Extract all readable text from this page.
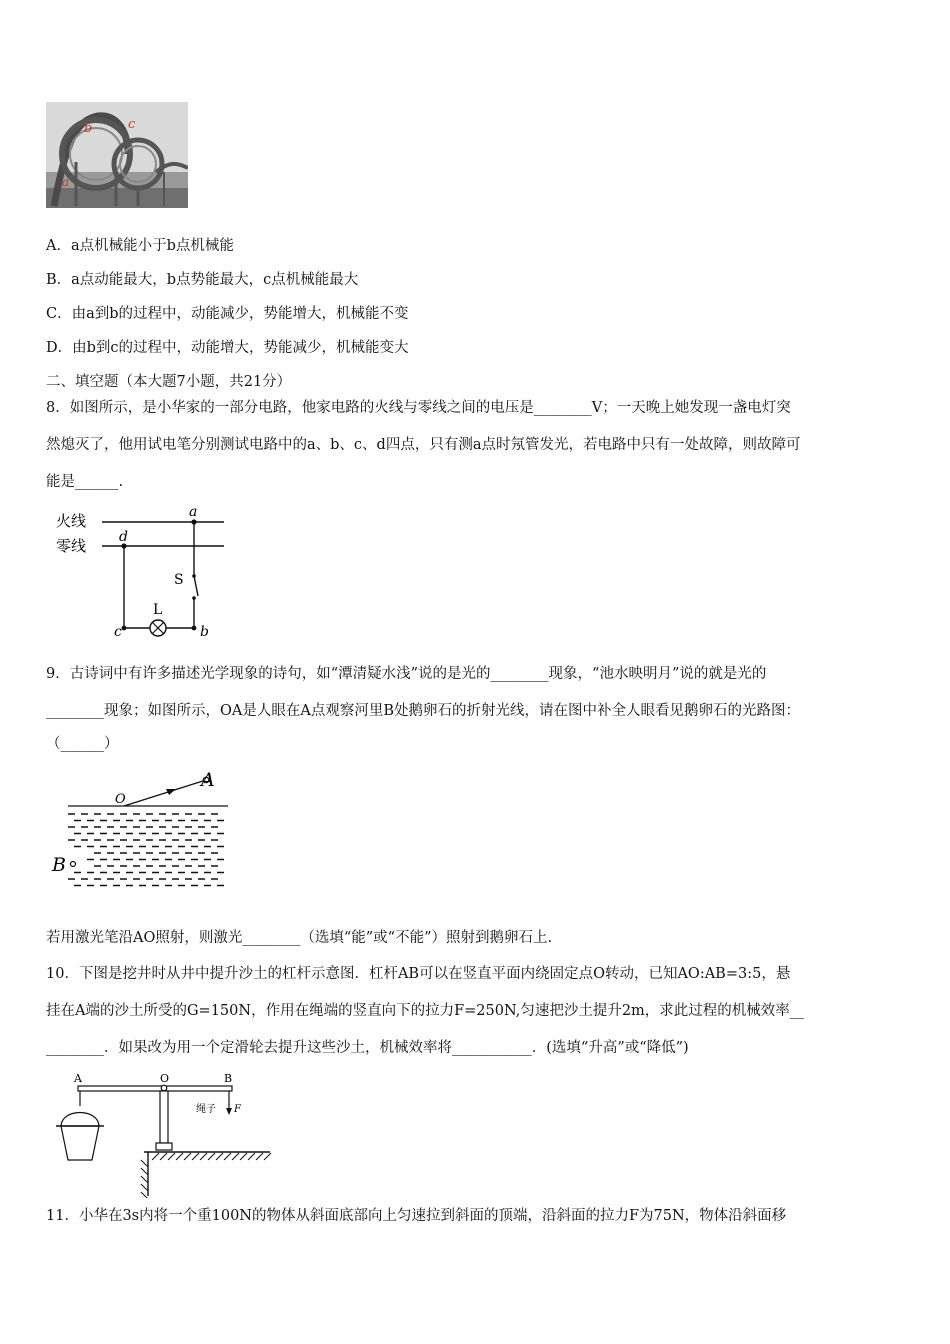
b	c
a
A．a点机械能小于b点机械能
B．a点动能最大，b点势能最大，c点机械能最大
C．由a到b的过程中，动能减少，势能增大，机械能不变
D．由b到c的过程中，动能增大，势能减少，机械能变大
二、填空题（本大题7小题，共21分）
8．如图所示，是小华家的一部分电路，他家电路的火线与零线之间的电压是________V；一天晚上她发现一盏电灯突
然熄灭了，他用试电笔分别测试电路中的a、b、c、d四点，只有测a点时氖管发光，若电路中只有一处故障，则故障可
能是______.
火线
零线
a
d
S
L
c	b
9．古诗词中有许多描述光学现象的诗句，如“潭清疑水浅”说的是光的________现象，“池水映明月”说的就是光的
________现象；如图所示，OA是人眼在A点观察河里B处鹅卵石的折射光线，请在图中补全人眼看见鹅卵石的光路图：
（______）
A
O
B
若用激光笔沿AO照射，则激光________（选填“能”或“不能”）照射到鹅卵石上.
10．下图是挖井时从井中提升沙土的杠杆示意图．杠杆AB可以在竖直平面内绕固定点O转动，已知AO:AB=3:5，悬
挂在A端的沙土所受的G=150N，作用在绳端的竖直向下的拉力F=250N,匀速把沙土提升2m，求此过程的机械效率__
________．如果改为用一个定滑轮去提升这些沙土，机械效率将___________．(选填“升高”或“降低”)
A	O	B
绳子 F
11．小华在3s内将一个重100N的物体从斜面底部向上匀速拉到斜面的顶端，沿斜面的拉力F为75N，物体沿斜面移
